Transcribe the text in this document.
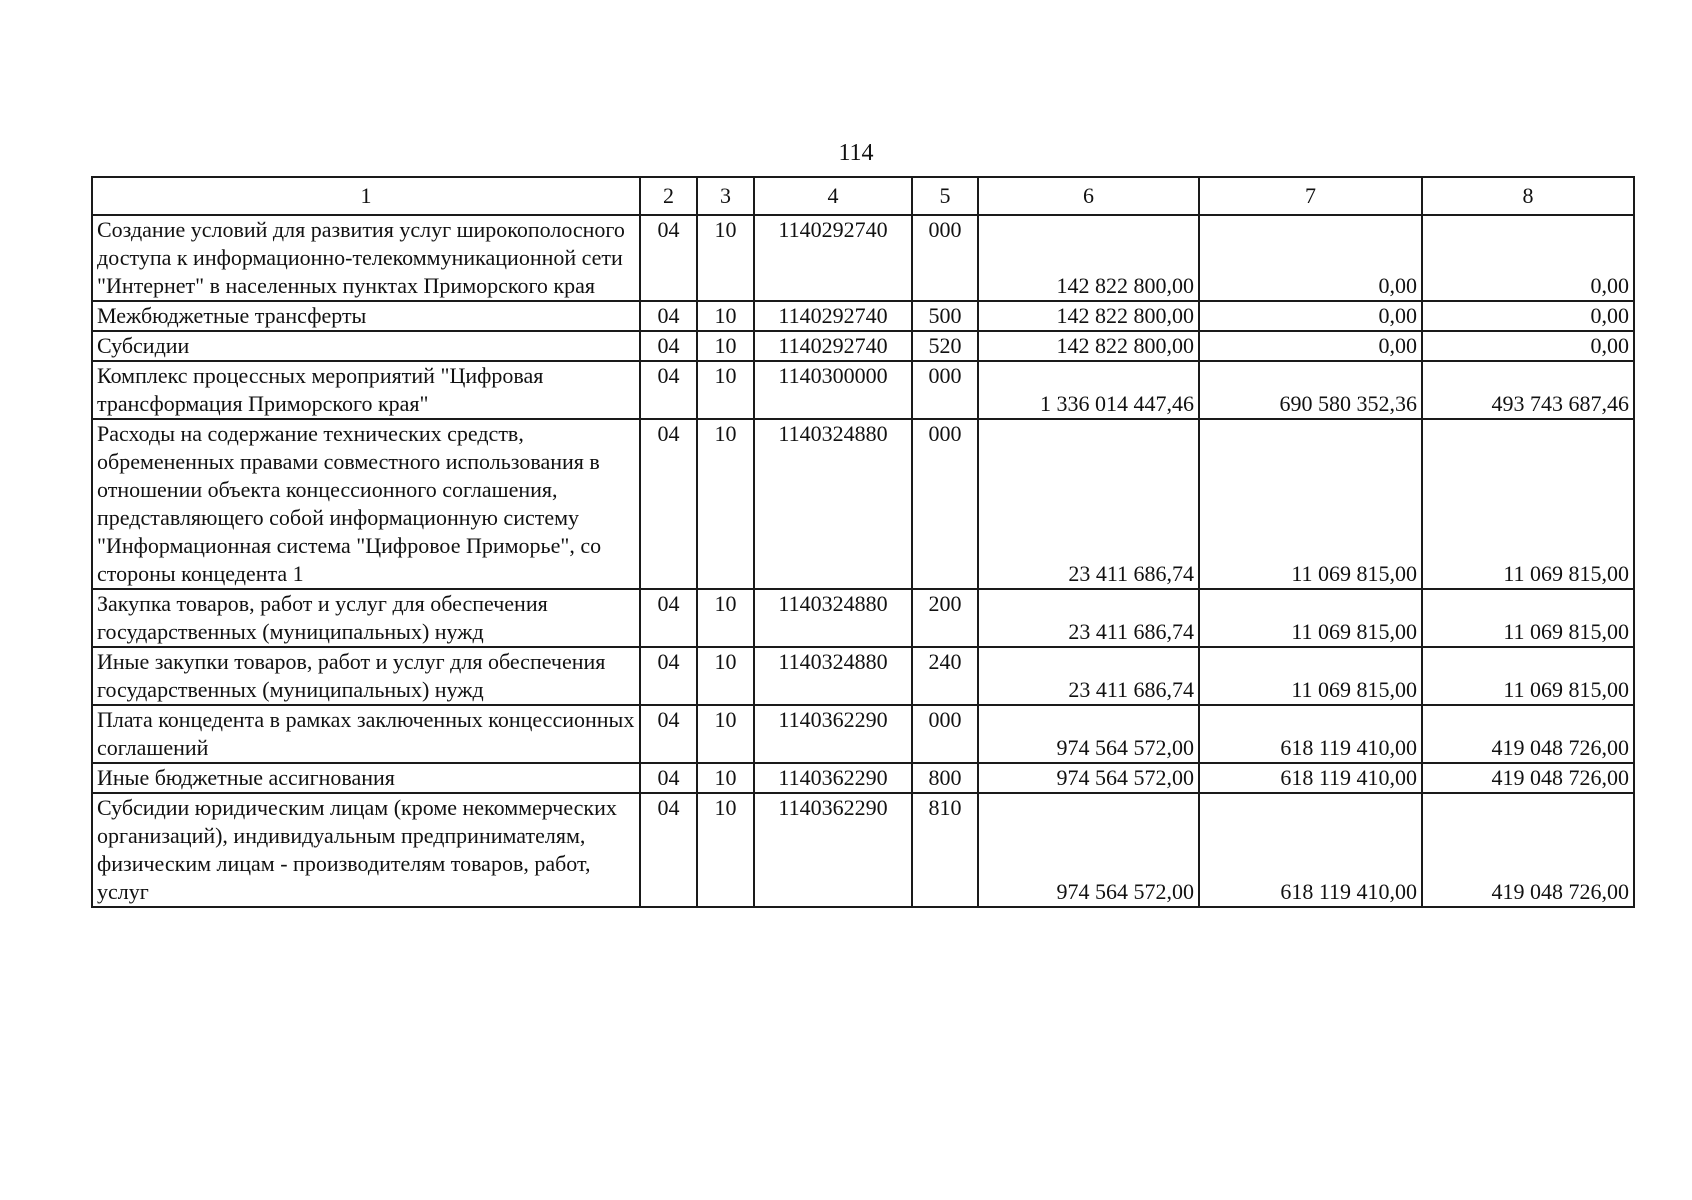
114
1	2	3	4	5	6	7	8
Создание условий для развития услуг широкополосного доступа к информационно-телекоммуникационной сети "Интернет" в населенных пунктах Приморского края	04	10	1140292740	000	142 822 800,00	0,00	0,00
Межбюджетные трансферты	04	10	1140292740	500	142 822 800,00	0,00	0,00
Субсидии	04	10	1140292740	520	142 822 800,00	0,00	0,00
Комплекс процессных мероприятий "Цифровая трансформация Приморского края"	04	10	1140300000	000	1 336 014 447,46	690 580 352,36	493 743 687,46
Расходы на содержание технических средств, обремененных правами совместного использования в отношении объекта концессионного соглашения, представляющего собой информационную систему "Информационная система "Цифровое Приморье", со стороны концедента 1	04	10	1140324880	000	23 411 686,74	11 069 815,00	11 069 815,00
Закупка товаров, работ и услуг для обеспечения государственных (муниципальных) нужд	04	10	1140324880	200	23 411 686,74	11 069 815,00	11 069 815,00
Иные закупки товаров, работ и услуг для обеспечения государственных (муниципальных) нужд	04	10	1140324880	240	23 411 686,74	11 069 815,00	11 069 815,00
Плата концедента в рамках заключенных концессионных соглашений	04	10	1140362290	000	974 564 572,00	618 119 410,00	419 048 726,00
Иные бюджетные ассигнования	04	10	1140362290	800	974 564 572,00	618 119 410,00	419 048 726,00
Субсидии юридическим лицам (кроме некоммерческих организаций), индивидуальным предпринимателям, физическим лицам - производителям товаров, работ, услуг	04	10	1140362290	810	974 564 572,00	618 119 410,00	419 048 726,00
